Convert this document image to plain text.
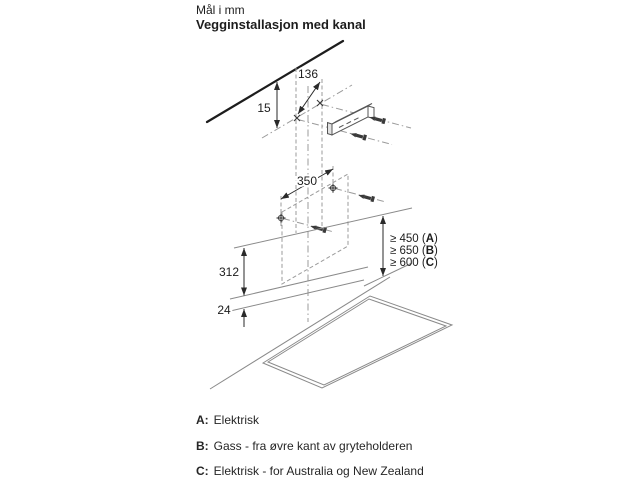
Mål i mm
Vegginstallasjon med kanal
136
15
350
312
24
≥ 450 (A)
≥ 650 (B)
≥ 600 (C)
A: Elektrisk
B: Gass - fra øvre kant av gryteholderen
C: Elektrisk - for Australia og New Zealand
